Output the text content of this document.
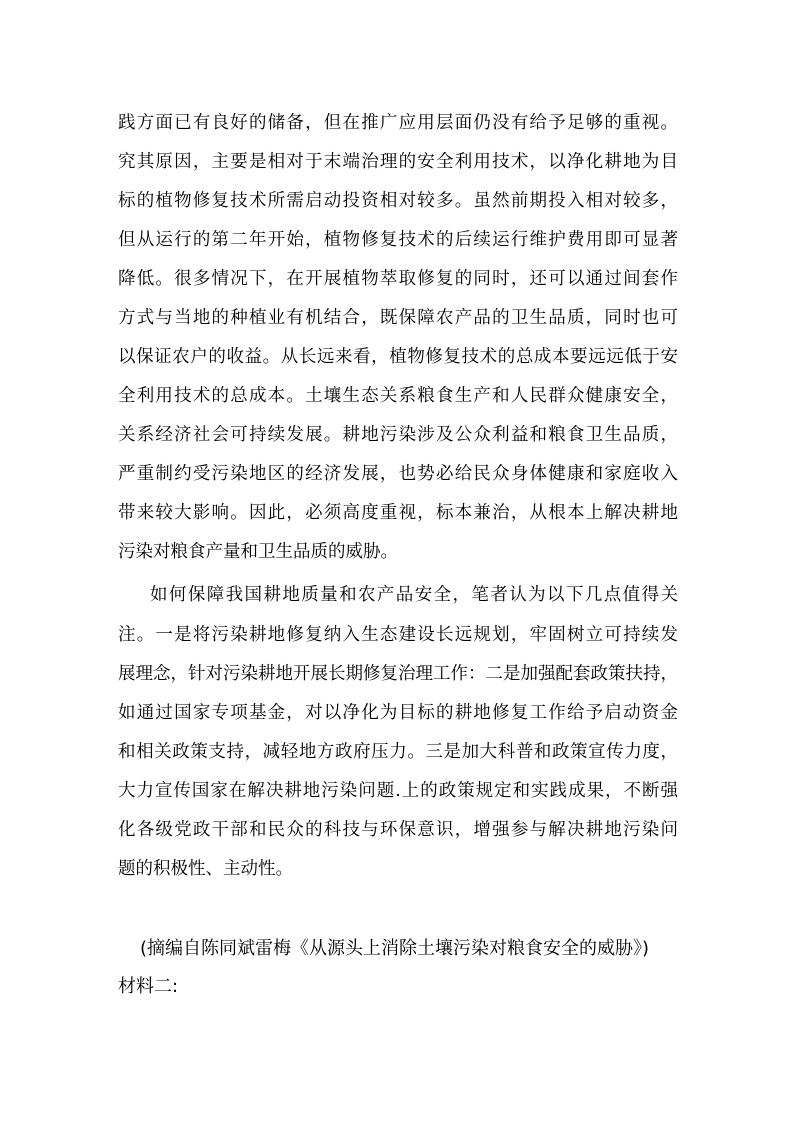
践方面已有良好的储备，但在推广应用层面仍没有给予足够的重视。
究其原因，主要是相对于末端治理的安全利用技术，以净化耕地为目
标的植物修复技术所需启动投资相对较多。虽然前期投入相对较多，
但从运行的第二年开始，植物修复技术的后续运行维护费用即可显著
降低。很多情况下，在开展植物萃取修复的同时，还可以通过间套作
方式与当地的种植业有机结合，既保障农产品的卫生品质，同时也可
以保证农户的收益。从长远来看，植物修复技术的总成本要远远低于安
全利用技术的总成本。土壤生态关系粮食生产和人民群众健康安全，
关系经济社会可持续发展。耕地污染涉及公众利益和粮食卫生品质，
严重制约受污染地区的经济发展，也势必给民众身体健康和家庭收入
带来较大影响。因此，必须高度重视，标本兼治，从根本上解决耕地
污染对粮食产量和卫生品质的威胁。
如何保障我国耕地质量和农产品安全，笔者认为以下几点值得关
注。一是将污染耕地修复纳入生态建设长远规划，牢固树立可持续发
展理念，针对污染耕地开展长期修复治理工作：二是加强配套政策扶持，
如通过国家专项基金，对以净化为目标的耕地修复工作给予启动资金
和相关政策支持，减轻地方政府压力。三是加大科普和政策宣传力度，
大力宣传国家在解决耕地污染问题.上的政策规定和实践成果，不断强
化各级党政干部和民众的科技与环保意识，增强参与解决耕地污染问
题的积极性、主动性。
(摘编自陈同斌雷梅《从源头上消除土壤污染对粮食安全的威胁》)
材料二:
